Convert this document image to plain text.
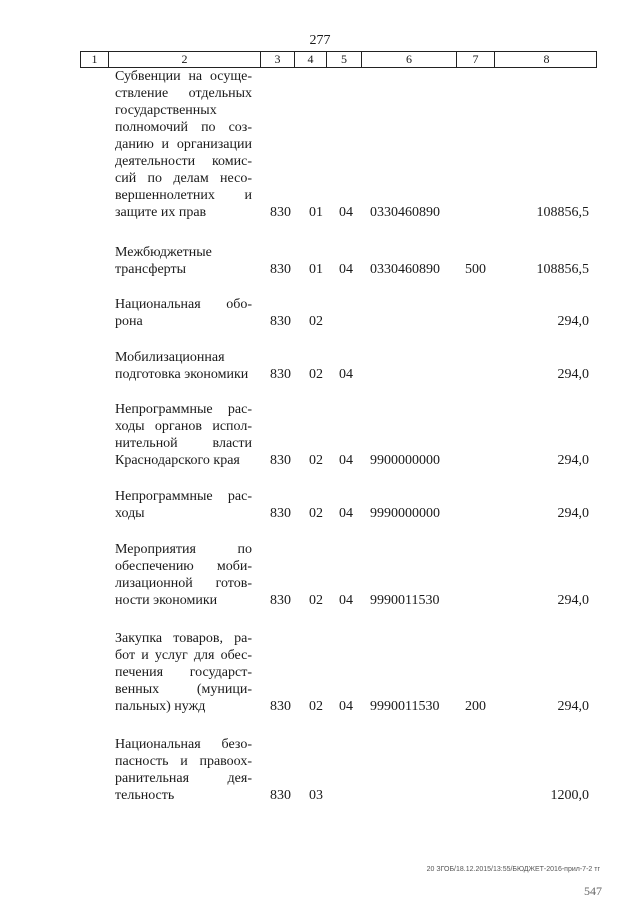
277
1	2	3	4	5	6	7	8
Субвенции на осуще-
ствление отдельных
государственных
полномочий по соз-
данию и организации
деятельности комис-
сий по делам несо-
вершеннолетних и
защите их прав	830 01 04 0330460890	108856,5
Межбюджетные
трансферты	830 01 04 0330460890 500	108856,5
Национальная обо-
рона	830 02	294,0
Мобилизационная
подготовка экономики 830 02 04	294,0
Непрограммные рас-
ходы органов испол-
нительной власти
Краснодарского края	830 02 04 9900000000	294,0
Непрограммные рас-
ходы	830 02 04 9990000000	294,0
Мероприятия по
обеспечению моби-
лизационной готов-
ности экономики	830 02 04 9990011530	294,0
Закупка товаров, ра-
бот и услуг для обес-
печения государст-
венных (муници-
пальных) нужд	830 02 04 9990011530 200	294,0
Национальная безо-
пасность и правоох-
ранительная дея-
тельность	830 03	1200,0
20 ЗГОБ/18.12.2015/13:55/БЮДЖЕТ-2016-прил-7-2 тг
547
